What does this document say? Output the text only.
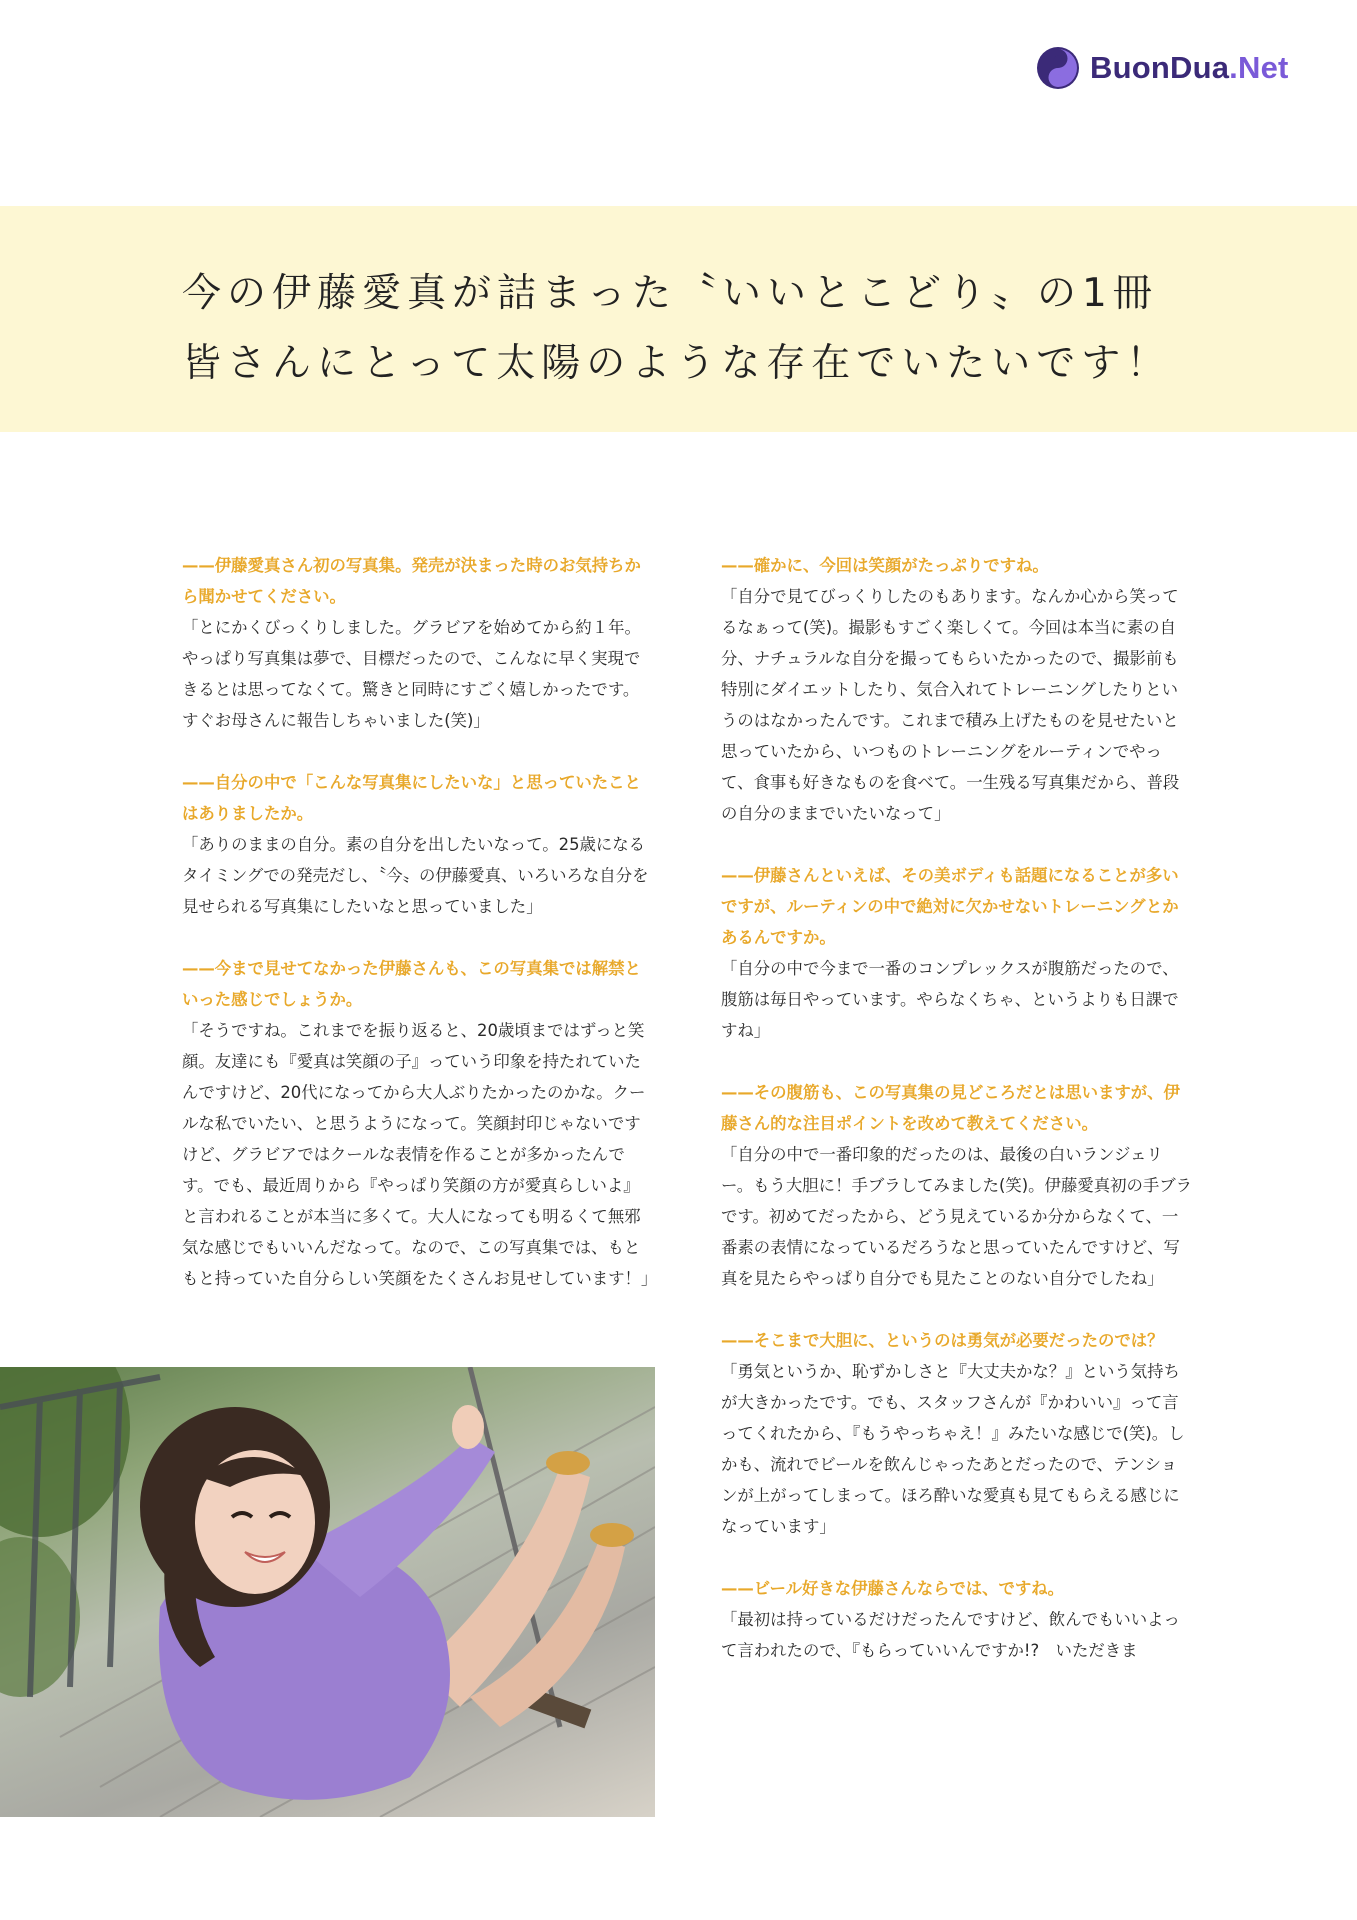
BuonDua.Net
今の伊藤愛真が詰まった〝いいとこどり〟の1冊
皆さんにとって太陽のような存在でいたいです！

——伊藤愛真さん初の写真集。発売が決まった時のお気持ちから聞かせてください。

「とにかくびっくりしました。グラビアを始めてから約１年。やっぱり写真集は夢で、目標だったので、こんなに早く実現できるとは思ってなくて。驚きと同時にすごく嬉しかったです。すぐお母さんに報告しちゃいました(笑)」

——自分の中で「こんな写真集にしたいな」と思っていたことはありましたか。

「ありのままの自分。素の自分を出したいなって。25歳になるタイミングでの発売だし、〝今〟の伊藤愛真、いろいろな自分を見せられる写真集にしたいなと思っていました」

——今まで見せてなかった伊藤さんも、この写真集では解禁といった感じでしょうか。

「そうですね。これまでを振り返ると、20歳頃まではずっと笑顔。友達にも『愛真は笑顔の子』っていう印象を持たれていたんですけど、20代になってから大人ぶりたかったのかな。クールな私でいたい、と思うようになって。笑顔封印じゃないですけど、グラビアではクールな表情を作ることが多かったんです。でも、最近周りから『やっぱり笑顔の方が愛真らしいよ』と言われることが本当に多くて。大人になっても明るくて無邪気な感じでもいいんだなって。なので、この写真集では、もともと持っていた自分らしい笑顔をたくさんお見せしています！」

——確かに、今回は笑顔がたっぷりですね。

「自分で見てびっくりしたのもあります。なんか心から笑ってるなぁって(笑)。撮影もすごく楽しくて。今回は本当に素の自分、ナチュラルな自分を撮ってもらいたかったので、撮影前も特別にダイエットしたり、気合入れてトレーニングしたりというのはなかったんです。これまで積み上げたものを見せたいと思っていたから、いつものトレーニングをルーティンでやって、食事も好きなものを食べて。一生残る写真集だから、普段の自分のままでいたいなって」

——伊藤さんといえば、その美ボディも話題になることが多いですが、ルーティンの中で絶対に欠かせないトレーニングとかあるんですか。

「自分の中で今まで一番のコンプレックスが腹筋だったので、腹筋は毎日やっています。やらなくちゃ、というよりも日課ですね」

——その腹筋も、この写真集の見どころだとは思いますが、伊藤さん的な注目ポイントを改めて教えてください。

「自分の中で一番印象的だったのは、最後の白いランジェリー。もう大胆に！手ブラしてみました(笑)。伊藤愛真初の手ブラです。初めてだったから、どう見えているか分からなくて、一番素の表情になっているだろうなと思っていたんですけど、写真を見たらやっぱり自分でも見たことのない自分でしたね」

——そこまで大胆に、というのは勇気が必要だったのでは？

「勇気というか、恥ずかしさと『大丈夫かな？』という気持ちが大きかったです。でも、スタッフさんが『かわいい』って言ってくれたから、『もうやっちゃえ！』みたいな感じで(笑)。しかも、流れでビールを飲んじゃったあとだったので、テンションが上がってしまって。ほろ酔いな愛真も見てもらえる感じになっています」

——ビール好きな伊藤さんならでは、ですね。

「最初は持っているだけだったんですけど、飲んでもいいよって言われたので、『もらっていいんですか!?　いただきま
